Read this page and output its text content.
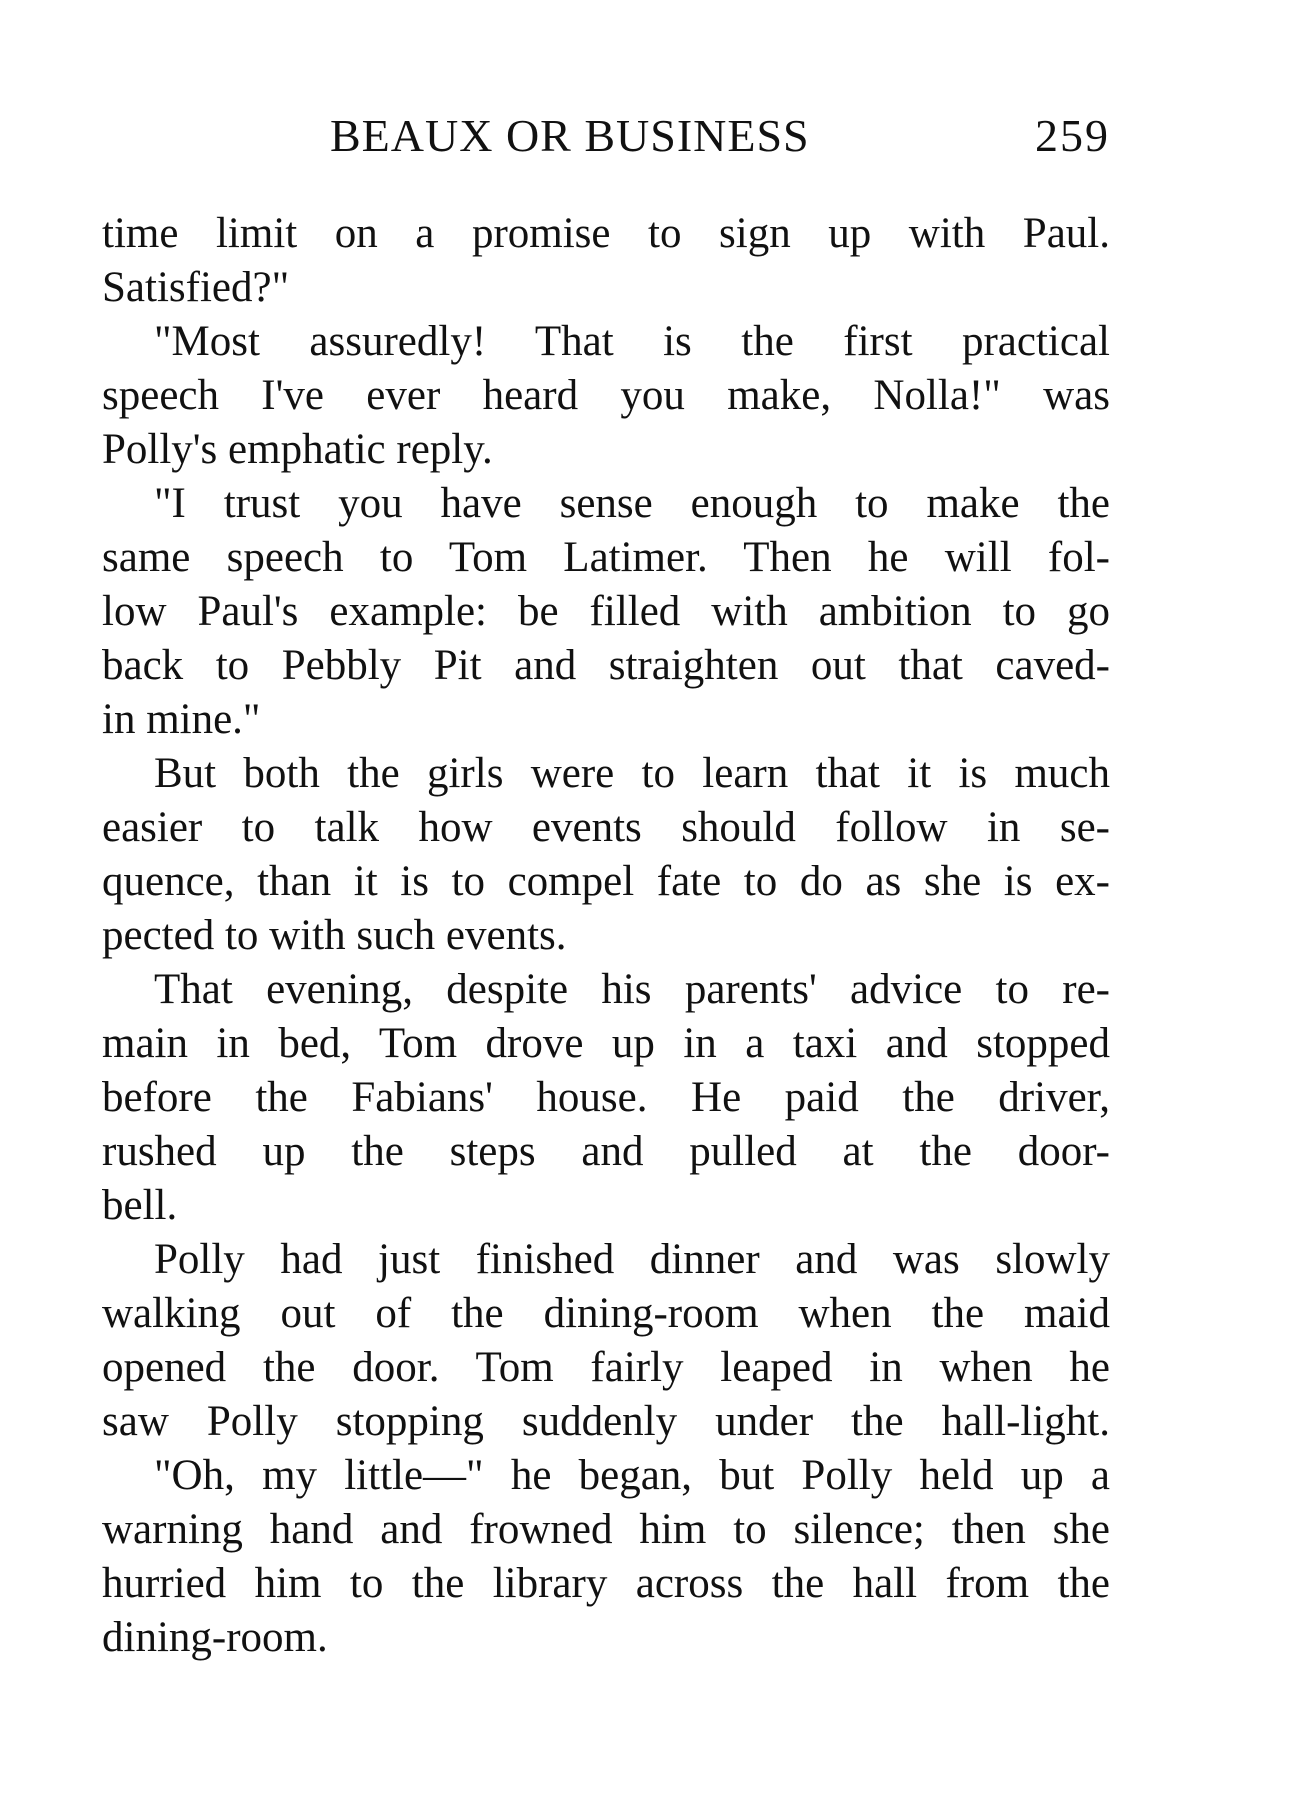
BEAUX OR BUSINESS	259
time limit on a promise to sign up with Paul.
Satisfied?"
"Most assuredly! That is the first practical
speech I've ever heard you make, Nolla!" was
Polly's emphatic reply.
"I trust you have sense enough to make the
same speech to Tom Latimer. Then he will fol-
low Paul's example: be filled with ambition to go
back to Pebbly Pit and straighten out that caved-
in mine."
But both the girls were to learn that it is much
easier to talk how events should follow in se-
quence, than it is to compel fate to do as she is ex-
pected to with such events.
That evening, despite his parents' advice to re-
main in bed, Tom drove up in a taxi and stopped
before the Fabians' house. He paid the driver,
rushed up the steps and pulled at the door-
bell.
Polly had just finished dinner and was slowly
walking out of the dining-room when the maid
opened the door. Tom fairly leaped in when he
saw Polly stopping suddenly under the hall-light.
"Oh, my little—" he began, but Polly held up a
warning hand and frowned him to silence; then she
hurried him to the library across the hall from the
dining-room.
